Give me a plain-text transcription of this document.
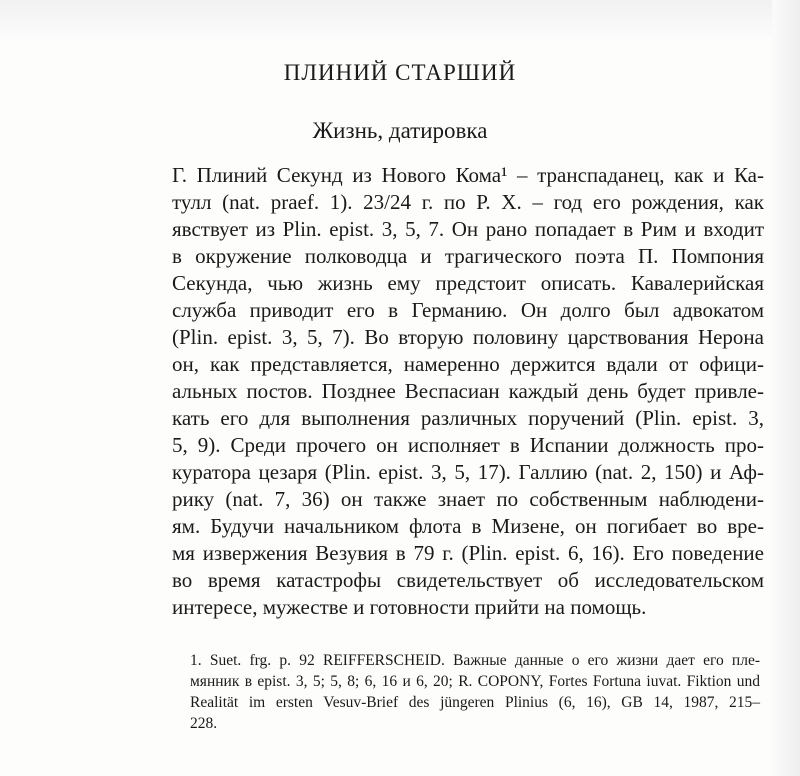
ПЛИНИЙ СТАРШИЙ
Жизнь, датировка
Г. Плиний Секунд из Нового Кома¹ – транспаданец, как и Ка-
тулл (nat. praef. 1). 23/24 г. по Р. Х. – год его рождения, как
явствует из Plin. epist. 3, 5, 7. Он рано попадает в Рим и входит
в окружение полководца и трагического поэта П. Помпония
Секунда, чью жизнь ему предстоит описать. Кавалерийская
служба приводит его в Германию. Он долго был адвокатом
(Plin. epist. 3, 5, 7). Во вторую половину царствования Нерона
он, как представляется, намеренно держится вдали от офици-
альных постов. Позднее Веспасиан каждый день будет привле-
кать его для выполнения различных поручений (Plin. epist. 3,
5, 9). Среди прочего он исполняет в Испании должность про-
куратора цезаря (Plin. epist. 3, 5, 17). Галлию (nat. 2, 150) и Аф-
рику (nat. 7, 36) он также знает по собственным наблюдени-
ям. Будучи начальником флота в Мизене, он погибает во вре-
мя извержения Везувия в 79 г. (Plin. epist. 6, 16). Его поведение
во время катастрофы свидетельствует об исследовательском
интересе, мужестве и готовности прийти на помощь.
1. Suet. frg. p. 92 REIFFERSCHEID. Важные данные о его жизни дает его пле-
мянник в epist. 3, 5; 5, 8; 6, 16 и 6, 20; R. COPONY, Fortes Fortuna iuvat. Fiktion und
Realität im ersten Vesuv-Brief des jüngeren Plinius (6, 16), GB 14, 1987, 215–
228.
